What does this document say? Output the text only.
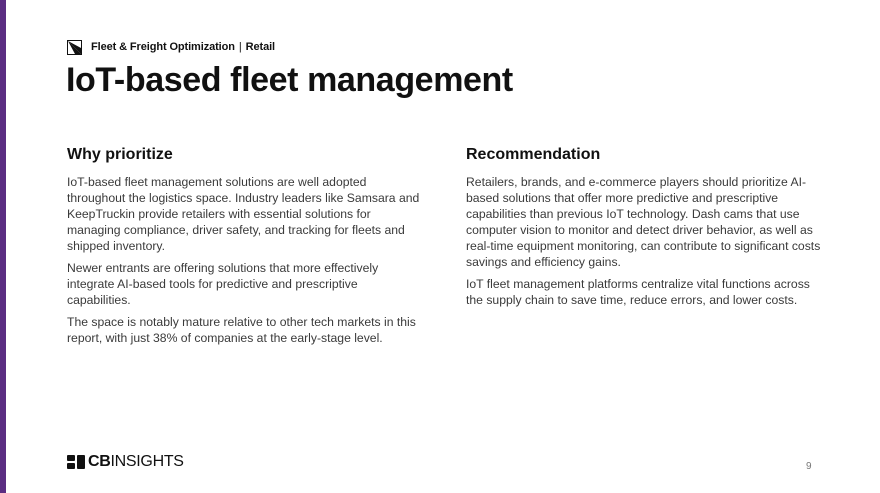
Fleet & Freight Optimization | Retail
IoT-based fleet management
Why prioritize

IoT-based fleet management solutions are well adopted throughout the logistics space. Industry leaders like Samsara and KeepTruckin provide retailers with essential solutions for managing compliance, driver safety, and tracking for fleets and shipped inventory.

Newer entrants are offering solutions that more effectively integrate AI-based tools for predictive and prescriptive capabilities.

The space is notably mature relative to other tech markets in this report, with just 38% of companies at the early-stage level.

Recommendation

Retailers, brands, and e-commerce players should prioritize AI-based solutions that offer more predictive and prescriptive capabilities than previous IoT technology. Dash cams that use computer vision to monitor and detect driver behavior, as well as real-time equipment monitoring, can contribute to significant costs savings and efficiency gains.

IoT fleet management platforms centralize vital functions across the supply chain to save time, reduce errors, and lower costs.

CBINSIGHTS	9
